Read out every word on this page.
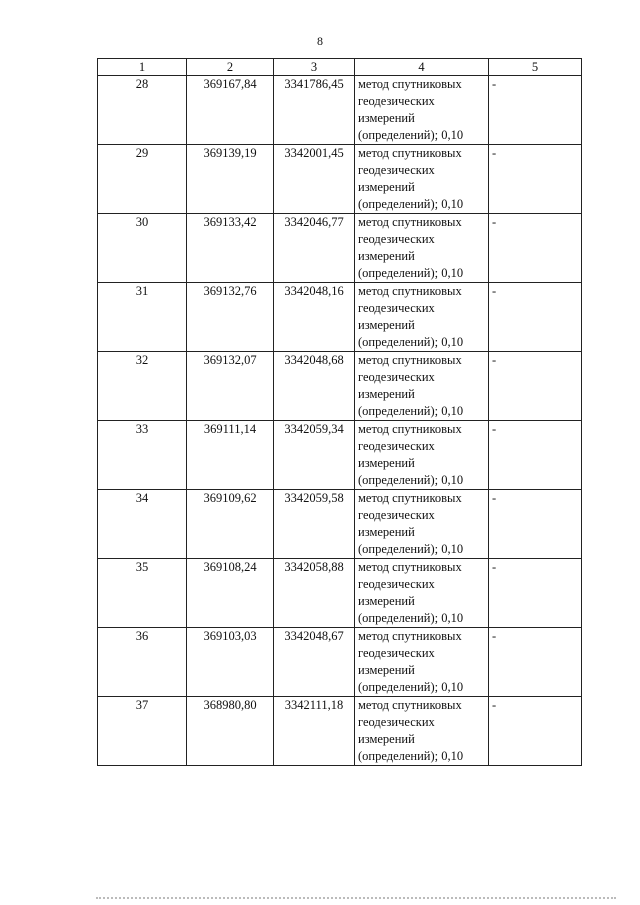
8
1	2	3	4	5
28	369167,84	3341786,45	метод спутниковых геодезических измерений (определений); 0,10	-
29	369139,19	3342001,45	метод спутниковых геодезических измерений (определений); 0,10	-
30	369133,42	3342046,77	метод спутниковых геодезических измерений (определений); 0,10	-
31	369132,76	3342048,16	метод спутниковых геодезических измерений (определений); 0,10	-
32	369132,07	3342048,68	метод спутниковых геодезических измерений (определений); 0,10	-
33	369111,14	3342059,34	метод спутниковых геодезических измерений (определений); 0,10	-
34	369109,62	3342059,58	метод спутниковых геодезических измерений (определений); 0,10	-
35	369108,24	3342058,88	метод спутниковых геодезических измерений (определений); 0,10	-
36	369103,03	3342048,67	метод спутниковых геодезических измерений (определений); 0,10	-
37	368980,80	3342111,18	метод спутниковых геодезических измерений (определений); 0,10	-
